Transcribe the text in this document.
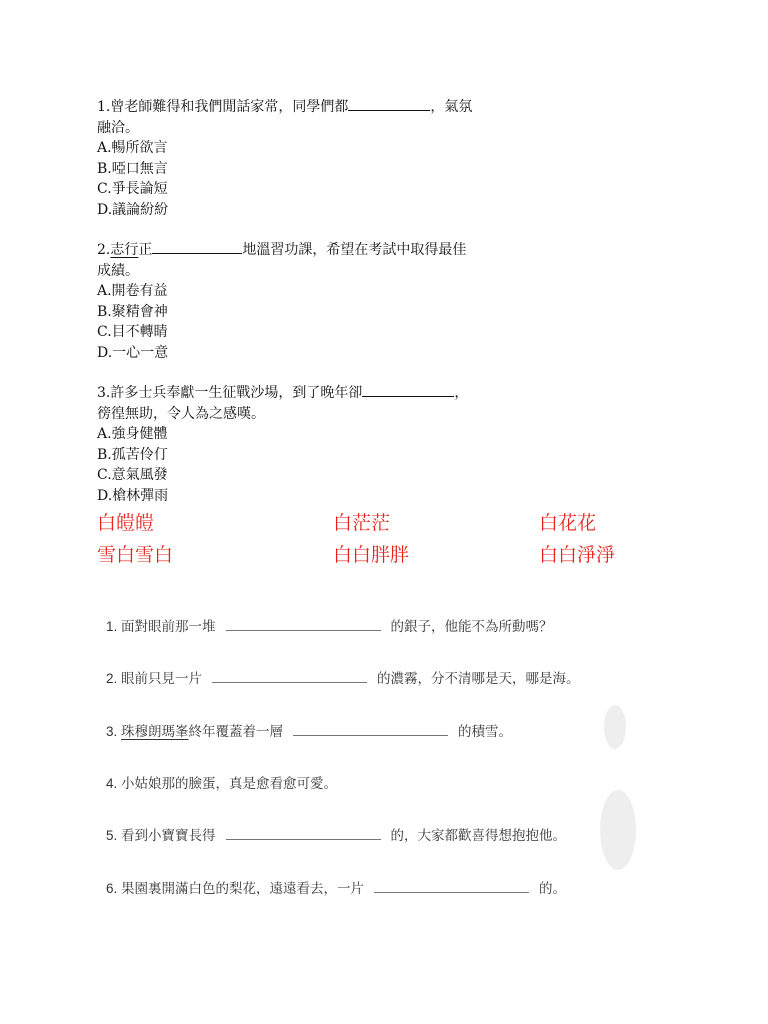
1.曾老師難得和我們閒話家常，同學們都	，氣氛
融洽。
A.暢所欲言
B.啞口無言
C.爭長論短
D.議論紛紛
2.志行正	地溫習功課，希望在考試中取得最佳
成績。
A.開卷有益
B.聚精會神
C.目不轉睛
D.一心一意
3.許多士兵奉獻一生征戰沙場，到了晚年卻	，
徬徨無助，令人為之感嘆。
A.強身健體
B.孤苦伶仃
C.意氣風發
D.槍林彈雨
白皚皚	白茫茫	白花花
雪白雪白	白白胖胖	白白淨淨
1. 面對眼前那一堆	的銀子，他能不為所動嗎？
2. 眼前只見一片	的濃霧，分不清哪是天，哪是海。
3. 珠穆朗瑪峯終年覆蓋着一層	的積雪。
4. 小姑娘那的臉蛋，真是愈看愈可愛。
5. 看到小寶寶長得	的，大家都歡喜得想抱抱他。
6. 果園裏開滿白色的梨花，遠遠看去，一片	的。
